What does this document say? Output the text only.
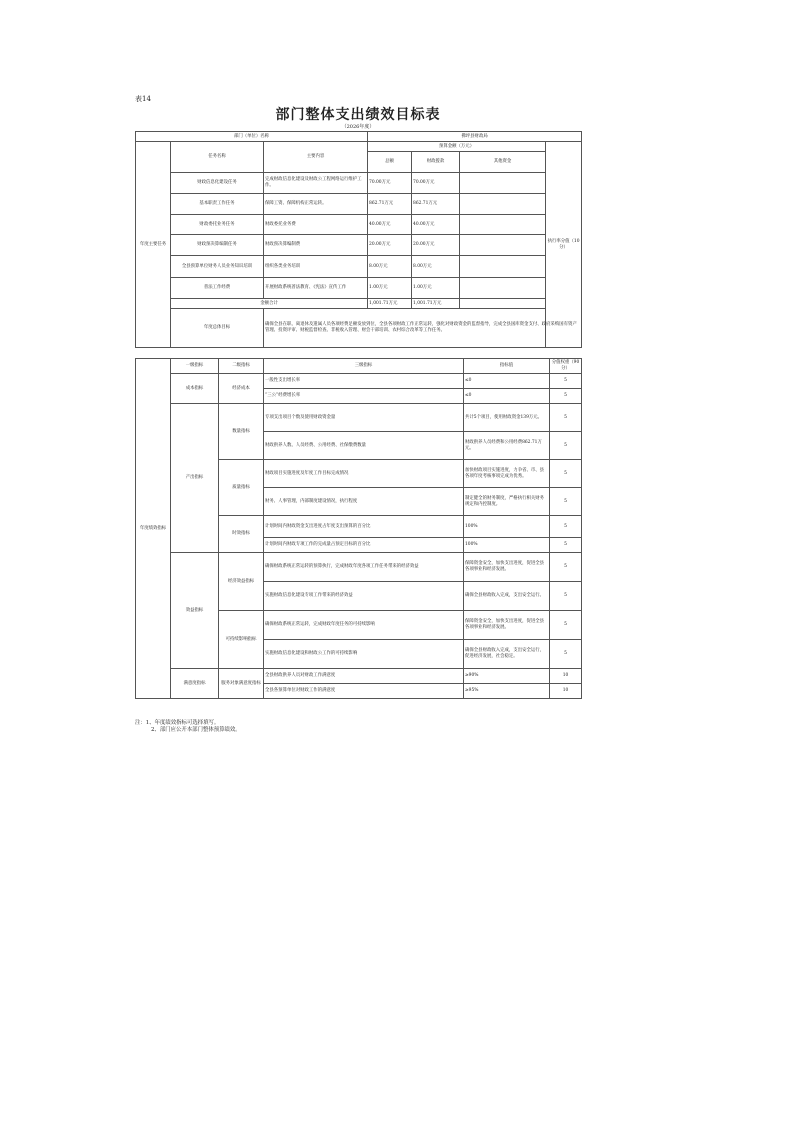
表14
部门整体支出绩效目标表
（2026年度）
部门（单位）名称			佛坪县财政局			
年度主要任务	任务名称	主要内容	预算金额（万元）			执行率分值（10分）
			总额	财政拨款	其他资金	
	财政信息化建设任务	完成财政信息化建设及财政公工程网络运行维护工作。	70.00万元	70.00万元		
	基本职责工作任务	保障工资、保障机构正常运转。	862.71万元	862.71万元		
	财政委托业务任务	财政委托业务费	40.00万元	40.00万元		
	财政预决算编制任务	财政预决算编制费	20.00万元	20.00万元		
	全县预算单位财务人员业务知识培训	组织各类业务培训	8.00万元	8.00万元		
	普法工作经费	开展财政系统普法教育、《宪法》宣传工作	1.00万元	1.00万元		
	金额合计		1,001.71万元	1,001.71万元		
	年度总体目标	确保全县在职、离退休及遗属人员各项经费足额发放到位，全县各项财政工作正常运转，强化对财政资金的监督指导，完成全县国库资金支付、政府采购国有资产管理、投资评审、财税监督检查、非税收入管理、财会干部培训、农村综合改革等工作任务。				
年度绩效指标	一级指标	二级指标	三级指标	指标值	分值权重（90分）
	成本指标	经济成本	一般性支出增长率	≤0	5
			“三公”经费增长率	≤0	5
	产出指标	数量指标	专项支出项目个数及使用财政资金量	共计5个项目，使用财政资金139万元。	5
			财政供养人数、人员经费、公用经费、社保缴费数量	财政供养人员经费和公用经费862.71万元。	5
		质量指标	财政项目实施进度及年度工作目标完成情况	加快财政项目实施进度，力争省、市、县各项年度考核事项完成为优秀。	5
			财务、人事管理，内部制度建设情况，执行程度	制定健全的财务制度，严格执行相关财务规定和内控制度。	5
		时效指标	计划时间内财政资金支出进度占年度支出预算的百分比	100%	5
			计划时间内财政专项工作的完成量占预定目标的百分比	100%	5
	效益指标	经济效益指标	确保财政系统正常运转的预算执行，完成财政年度各项工作任务带来的经济效益	保障资金安全，加快支出进度，促进全县各项事业和经济发展。	5
			实施财政信息化建设专项工作带来的经济效益	确保全县财政收入完成，支出安全运行。	5
		可持续影响指标	确保财政系统正常运转，完成财政年度任务的可持续影响	保障资金安全，加快支出进度，促进全县各项事业和经济发展。	5
			实施财政信息化建设和财政公工作的可持续影响	确保全县财政收入完成，支出安全运行，促进经济发展，社会稳定。	5
	满意度指标	服务对象满意度指标	全县财政供养人员对财政工作满意度	≥90%	10
			全县各预算单位对财政工作的满意度	≥95%	10
注：1、年度绩效指标可选择填写。
2、部门应公开本部门整体预算绩效。
